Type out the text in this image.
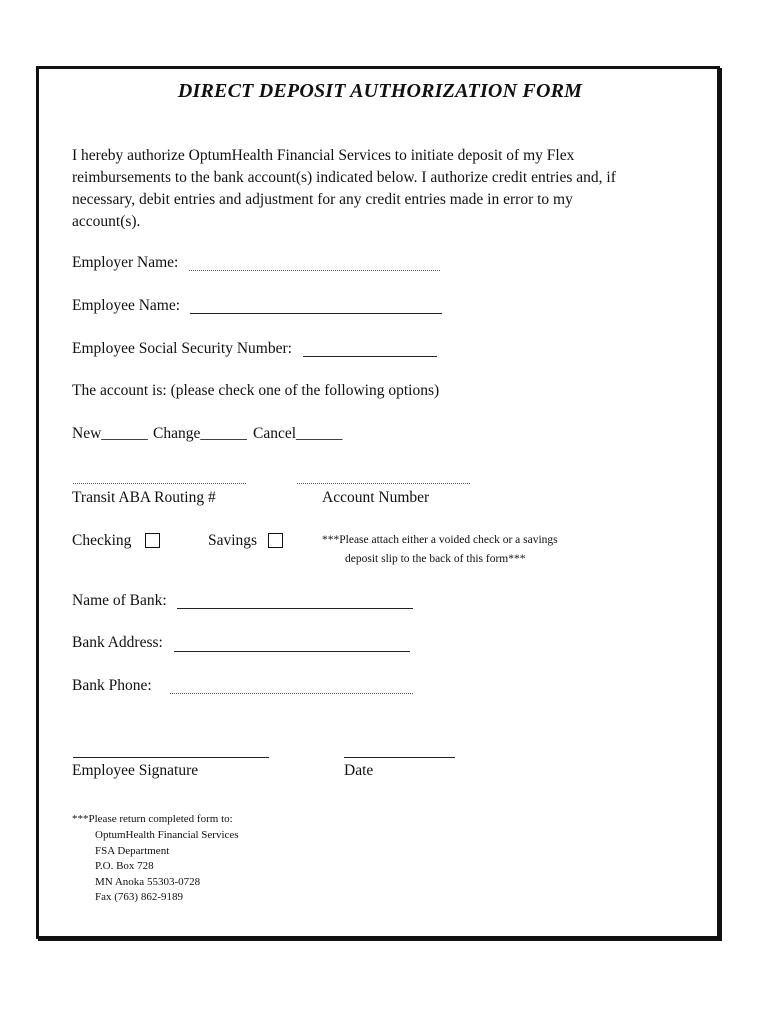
DIRECT DEPOSIT AUTHORIZATION FORM

I hereby authorize OptumHealth Financial Services to initiate deposit of my Flex reimbursements to the bank account(s) indicated below. I authorize credit entries and, if necessary, debit entries and adjustment for any credit entries made in error to my account(s).

Employer Name:
Employee Name:
Employee Social Security Number:
The account is: (please check one of the following options)
New______ Change______ Cancel______
Transit ABA Routing #	Account Number
Checking	Savings	***Please attach either a voided check or a savings
deposit slip to the back of this form***
Name of Bank:
Bank Address:
Bank Phone:
Employee Signature	Date
***Please return completed form to:
OptumHealth Financial Services
FSA Department
P.O. Box 728
MN Anoka 55303-0728
Fax (763) 862-9189
